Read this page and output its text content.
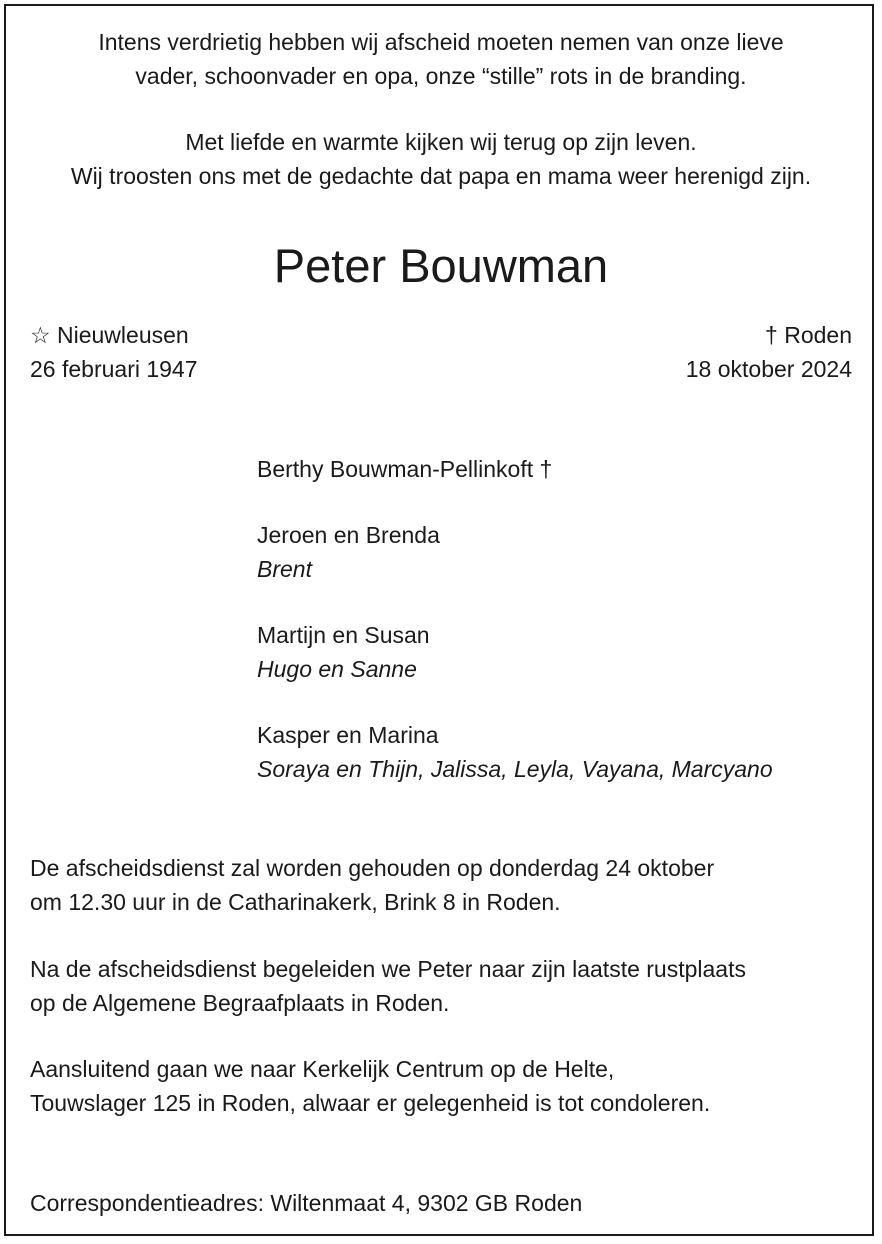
Intens verdrietig hebben wij afscheid moeten nemen van onze lieve
vader, schoonvader en opa, onze “stille” rots in de branding.
Met liefde en warmte kijken wij terug op zijn leven.
Wij troosten ons met de gedachte dat papa en mama weer herenigd zijn.
Peter Bouwman
☆ Nieuwleusen
26 februari 1947
† Roden
18 oktober 2024
Berthy Bouwman-Pellinkoft †
Jeroen en Brenda
Brent
Martijn en Susan
Hugo en Sanne
Kasper en Marina
Soraya en Thijn, Jalissa, Leyla, Vayana, Marcyano
De afscheidsdienst zal worden gehouden op donderdag 24 oktober
om 12.30 uur in de Catharinakerk, Brink 8 in Roden.
Na de afscheidsdienst begeleiden we Peter naar zijn laatste rustplaats
op de Algemene Begraafplaats in Roden.
Aansluitend gaan we naar Kerkelijk Centrum op de Helte,
Touwslager 125 in Roden, alwaar er gelegenheid is tot condoleren.
Correspondentieadres: Wiltenmaat 4, 9302 GB Roden
